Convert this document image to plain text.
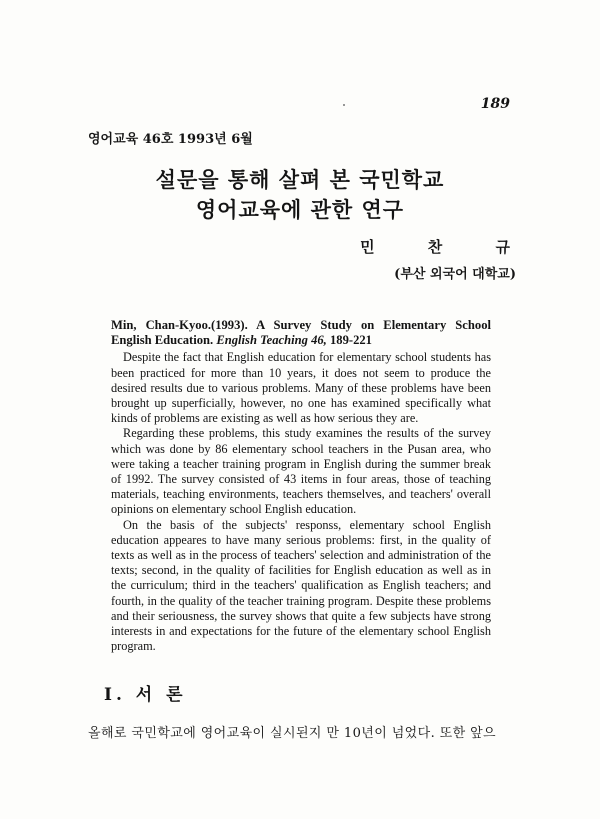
189
영어교육 46호 1993년 6월
설문을 통해 살펴 본 국민학교
영어교육에 관한 연구
민 찬 규
(부산 외국어 대학교)
Min, Chan-Kyoo.(1993). A Survey Study on Elementary School English Education. English Teaching 46, 189-221

Despite the fact that English education for elementary school students has been practiced for more than 10 years, it does not seem to produce the desired results due to various problems. Many of these problems have been brought up superficially, however, no one has examined specifically what kinds of problems are existing as well as how serious they are.

Regarding these problems, this study examines the results of the survey which was done by 86 elementary school teachers in the Pusan area, who were taking a teacher training program in English during the summer break of 1992. The survey consisted of 43 items in four areas, those of teaching materials, teaching environments, teachers themselves, and teachers' overall opinions on elementary school English education.

On the basis of the subjects' responss, elementary school English education appeares to have many serious problems: first, in the quality of texts as well as in the process of teachers' selection and administration of the texts; second, in the quality of facilities for English education as well as in the curriculum; third in the teachers' qualification as English teachers; and fourth, in the quality of the teacher training program. Despite these problems and their seriousness, the survey shows that quite a few subjects have strong interests in and expectations for the future of the elementary school English program.

I. 서 론
올해로 국민학교에 영어교육이 실시된지 만 10년이 넘었다. 또한 앞으
